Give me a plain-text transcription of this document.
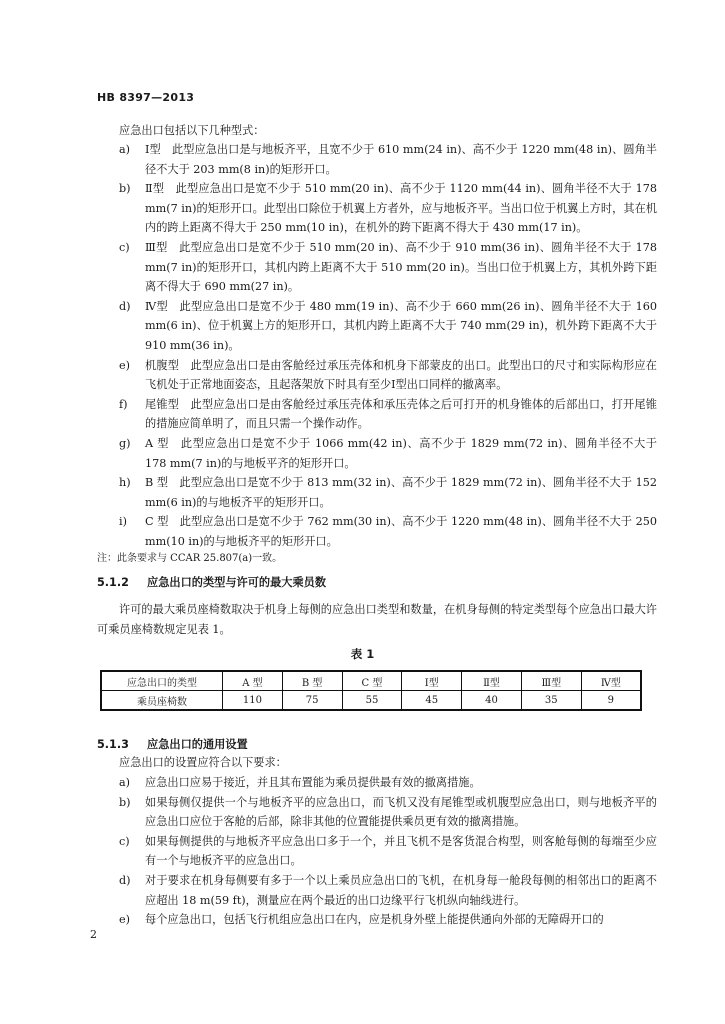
HB 8397—2013
应急出口包括以下几种型式：
a)	Ⅰ型　此型应急出口是与地板齐平，且宽不少于 610 mm(24 in)、高不少于 1220 mm(48 in)、圆角半径不大于 203 mm(8 in)的矩形开口。
b)	Ⅱ型　此型应急出口是宽不少于 510 mm(20 in)、高不少于 1120 mm(44 in)、圆角半径不大于 178 mm(7 in)的矩形开口。此型出口除位于机翼上方者外，应与地板齐平。当出口位于机翼上方时，其在机内的跨上距离不得大于 250 mm(10 in)，在机外的跨下距离不得大于 430 mm(17 in)。
c)	Ⅲ型　此型应急出口是宽不少于 510 mm(20 in)、高不少于 910 mm(36 in)、圆角半径不大于 178 mm(7 in)的矩形开口，其机内跨上距离不大于 510 mm(20 in)。当出口位于机翼上方，其机外跨下距离不得大于 690 mm(27 in)。
d)	Ⅳ型　此型应急出口是宽不少于 480 mm(19 in)、高不少于 660 mm(26 in)、圆角半径不大于 160 mm(6 in)、位于机翼上方的矩形开口，其机内跨上距离不大于 740 mm(29 in)，机外跨下距离不大于 910 mm(36 in)。
e)	机腹型　此型应急出口是由客舱经过承压壳体和机身下部蒙皮的出口。此型出口的尺寸和实际构形应在飞机处于正常地面姿态，且起落架放下时具有至少Ⅰ型出口同样的撤离率。
f)	尾锥型　此型应急出口是由客舱经过承压壳体和承压壳体之后可打开的机身锥体的后部出口，打开尾锥的措施应简单明了，而且只需一个操作动作。
g)	A 型　此型应急出口是宽不少于 1066 mm(42 in)、高不少于 1829 mm(72 in)、圆角半径不大于 178 mm(7 in)的与地板平齐的矩形开口。
h)	B 型　此型应急出口是宽不少于 813 mm(32 in)、高不少于 1829 mm(72 in)、圆角半径不大于 152 mm(6 in)的与地板齐平的矩形开口。
i)	C 型　此型应急出口是宽不少于 762 mm(30 in)、高不少于 1220 mm(48 in)、圆角半径不大于 250 mm(10 in)的与地板齐平的矩形开口。
注：此条要求与 CCAR 25.807(a)一致。
5.1.2 应急出口的类型与许可的最大乘员数
许可的最大乘员座椅数取决于机身上每侧的应急出口类型和数量，在机身每侧的特定类型每个应急出口最大许可乘员座椅数规定见表 1。
表 1
应急出口的类型	A 型	B 型	C 型	Ⅰ型	Ⅱ型	Ⅲ型	Ⅳ型
乘员座椅数	110	75	55	45	40	35	9
5.1.3 应急出口的通用设置
应急出口的设置应符合以下要求：
a)	应急出口应易于接近，并且其布置能为乘员提供最有效的撤离措施。
b)	如果每侧仅提供一个与地板齐平的应急出口，而飞机又没有尾锥型或机腹型应急出口，则与地板齐平的应急出口应位于客舱的后部，除非其他的位置能提供乘员更有效的撤离措施。
c)	如果每侧提供的与地板齐平应急出口多于一个，并且飞机不是客货混合构型，则客舱每侧的每端至少应有一个与地板齐平的应急出口。
d)	对于要求在机身每侧要有多于一个以上乘员应急出口的飞机，在机身每一舱段每侧的相邻出口的距离不应超出 18 m(59 ft)，测量应在两个最近的出口边缘平行飞机纵向轴线进行。
e)	每个应急出口，包括飞行机组应急出口在内，应是机身外壁上能提供通向外部的无障碍开口的
2
